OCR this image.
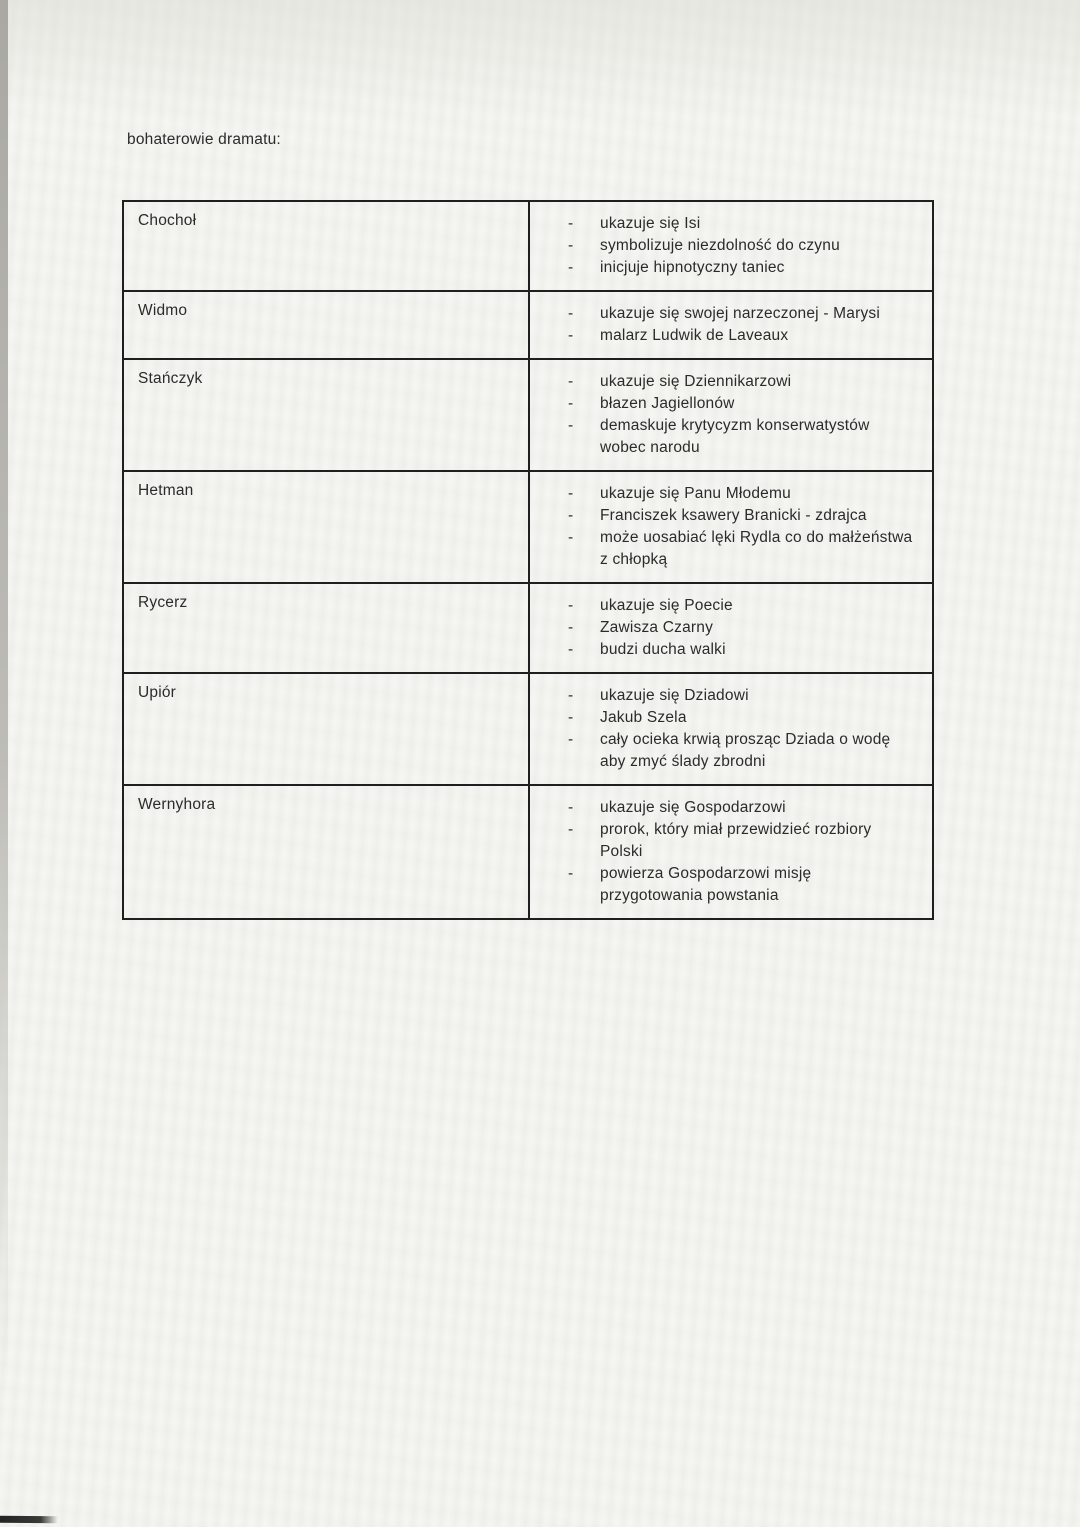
bohaterowie dramatu:
Chochoł	-	ukazuje się Isi
-	symbolizuje niezdolność do czynu
-	inicjuje hipnotyczny taniec
Widmo	-	ukazuje się swojej narzeczonej - Marysi
-	malarz Ludwik de Laveaux
Stańczyk	-	ukazuje się Dziennikarzowi
-	błazen Jagiellonów
-	demaskuje krytycyzm konserwatystów wobec narodu
Hetman	-	ukazuje się Panu Młodemu
-	Franciszek ksawery Branicki - zdrajca
-	może uosabiać lęki Rydla co do małżeństwa z chłopką
Rycerz	-	ukazuje się Poecie
-	Zawisza Czarny
-	budzi ducha walki
Upiór	-	ukazuje się Dziadowi
-	Jakub Szela
-	cały ocieka krwią prosząc Dziada o wodę aby zmyć ślady zbrodni
Wernyhora	-	ukazuje się Gospodarzowi
-	prorok, który miał przewidzieć rozbiory Polski
-	powierza Gospodarzowi misję przygotowania powstania
